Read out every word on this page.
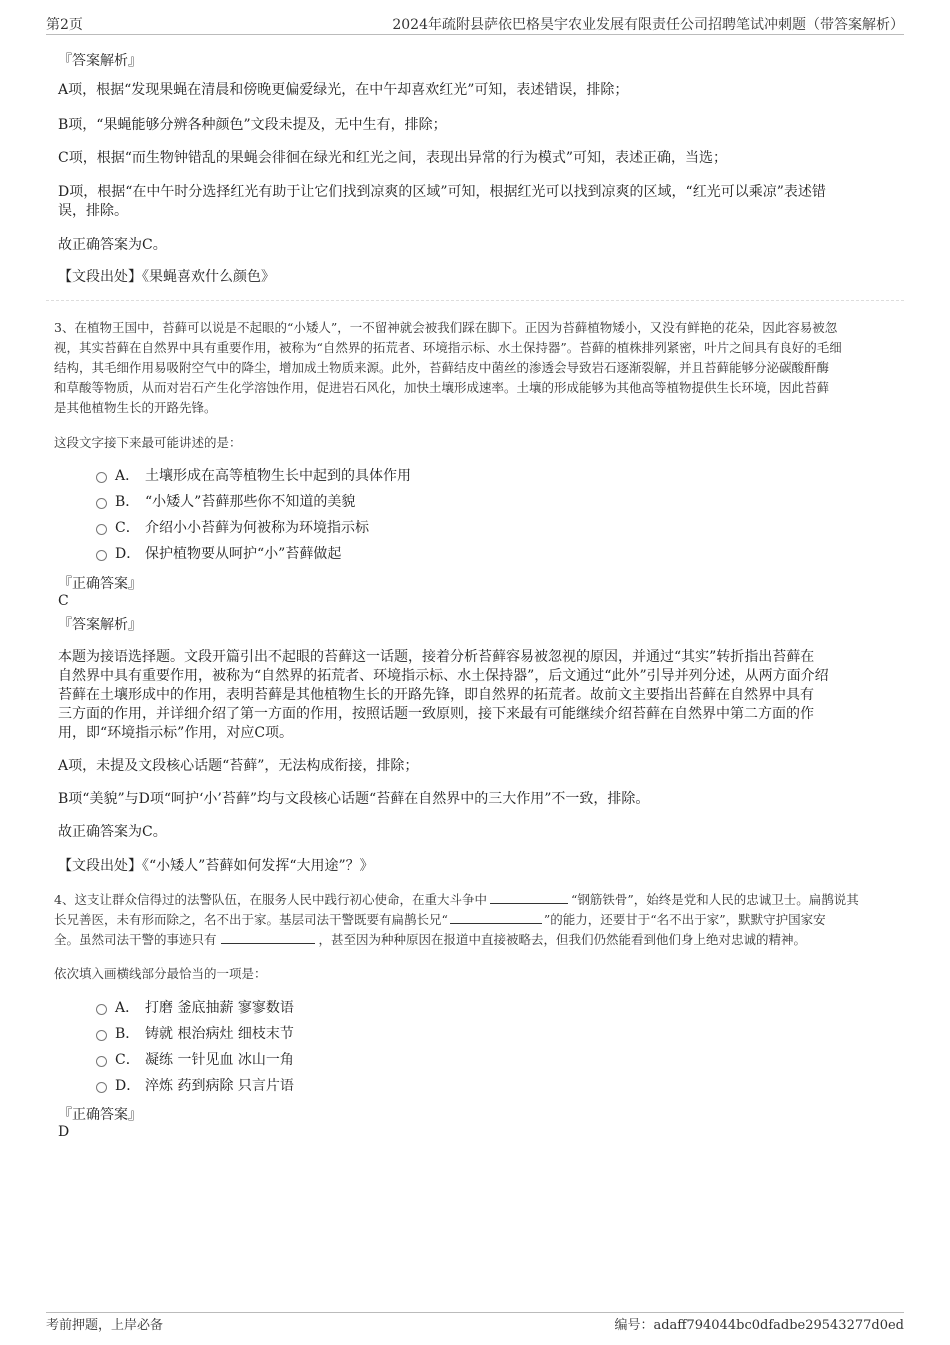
第2页	2024年疏附县萨依巴格昊宇农业发展有限责任公司招聘笔试冲刺题（带答案解析）
『答案解析』
A项，根据“发现果蝇在清晨和傍晚更偏爱绿光，在中午却喜欢红光”可知，表述错误，排除；
B项，“果蝇能够分辨各种颜色”文段未提及，无中生有，排除；
C项，根据“而生物钟错乱的果蝇会徘徊在绿光和红光之间，表现出异常的行为模式”可知，表述正确，当选；
D项，根据“在中午时分选择红光有助于让它们找到凉爽的区域”可知，根据红光可以找到凉爽的区域，“红光可以乘凉”表述错
误，排除。
故正确答案为C。
【文段出处】《果蝇喜欢什么颜色》
3、在植物王国中，苔藓可以说是不起眼的“小矮人”，一不留神就会被我们踩在脚下。正因为苔藓植物矮小，又没有鲜艳的花朵，因此容易被忽
视，其实苔藓在自然界中具有重要作用，被称为“自然界的拓荒者、环境指示标、水土保持器”。苔藓的植株排列紧密，叶片之间具有良好的毛细
结构，其毛细作用易吸附空气中的降尘，增加成土物质来源。此外，苔藓结皮中菌丝的渗透会导致岩石逐渐裂解，并且苔藓能够分泌碳酸酐酶
和草酸等物质，从而对岩石产生化学溶蚀作用，促进岩石风化，加快土壤形成速率。土壤的形成能够为其他高等植物提供生长环境，因此苔藓
是其他植物生长的开路先锋。
这段文字接下来最可能讲述的是：
A． 土壤形成在高等植物生长中起到的具体作用
B． “小矮人”苔藓那些你不知道的美貌
C． 介绍小小苔藓为何被称为环境指示标
D． 保护植物要从呵护“小”苔藓做起
『正确答案』
C
『答案解析』
本题为接语选择题。文段开篇引出不起眼的苔藓这一话题，接着分析苔藓容易被忽视的原因，并通过“其实”转折指出苔藓在
自然界中具有重要作用，被称为“自然界的拓荒者、环境指示标、水土保持器”，后文通过“此外”引导并列分述，从两方面介绍
苔藓在土壤形成中的作用，表明苔藓是其他植物生长的开路先锋，即自然界的拓荒者。故前文主要指出苔藓在自然界中具有
三方面的作用，并详细介绍了第一方面的作用，按照话题一致原则，接下来最有可能继续介绍苔藓在自然界中第二方面的作
用，即“环境指示标”作用，对应C项。
A项，未提及文段核心话题“苔藓”，无法构成衔接，排除；
B项“美貌”与D项“呵护‘小’苔藓”均与文段核心话题“苔藓在自然界中的三大作用”不一致，排除。
故正确答案为C。
【文段出处】《“小矮人”苔藓如何发挥“大用途”？》
4、这支让群众信得过的法警队伍，在服务人民中践行初心使命，在重大斗争中	“钢筋铁骨”，始终是党和人民的忠诚卫士。扁鹊说其
长兄善医，未有形而除之，名不出于家。基层司法干警既要有扁鹊长兄“	”的能力，还要甘于“名不出于家”，默默守护国家安
全。虽然司法干警的事迹只有	，甚至因为种种原因在报道中直接被略去，但我们仍然能看到他们身上绝对忠诚的精神。
依次填入画横线部分最恰当的一项是：
A． 打磨 釜底抽薪 寥寥数语
B． 铸就 根治病灶 细枝末节
C． 凝练 一针见血 冰山一角
D． 淬炼 药到病除 只言片语
『正确答案』
D
考前押题，上岸必备	编号：adaff794044bc0dfadbe29543277d0ed
